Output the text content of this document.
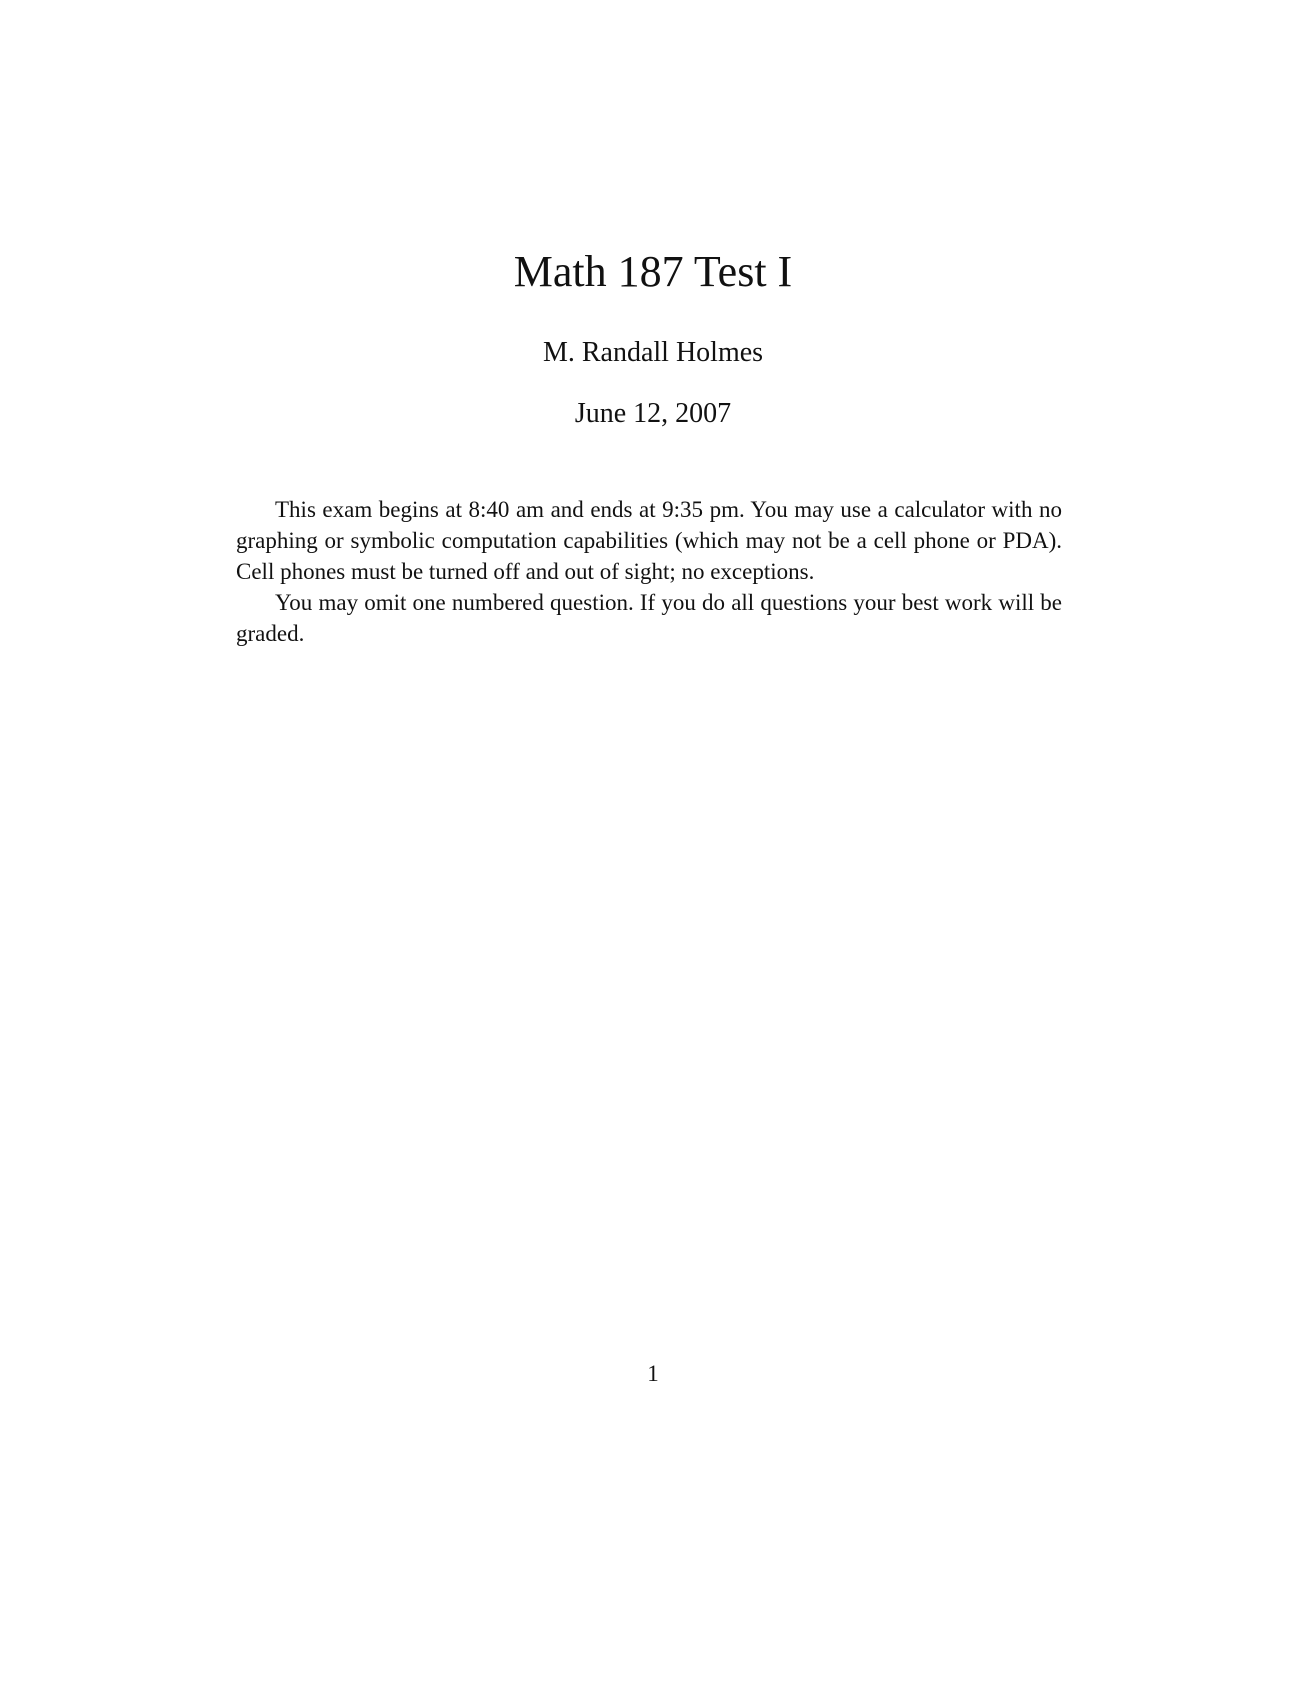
Math 187 Test I
M. Randall Holmes
June 12, 2007

This exam begins at 8:40 am and ends at 9:35 pm. You may use a calculator with no graphing or symbolic computation capabilities (which may not be a cell phone or PDA). Cell phones must be turned off and out of sight; no exceptions.

You may omit one numbered question. If you do all questions your best work will be graded.

1
